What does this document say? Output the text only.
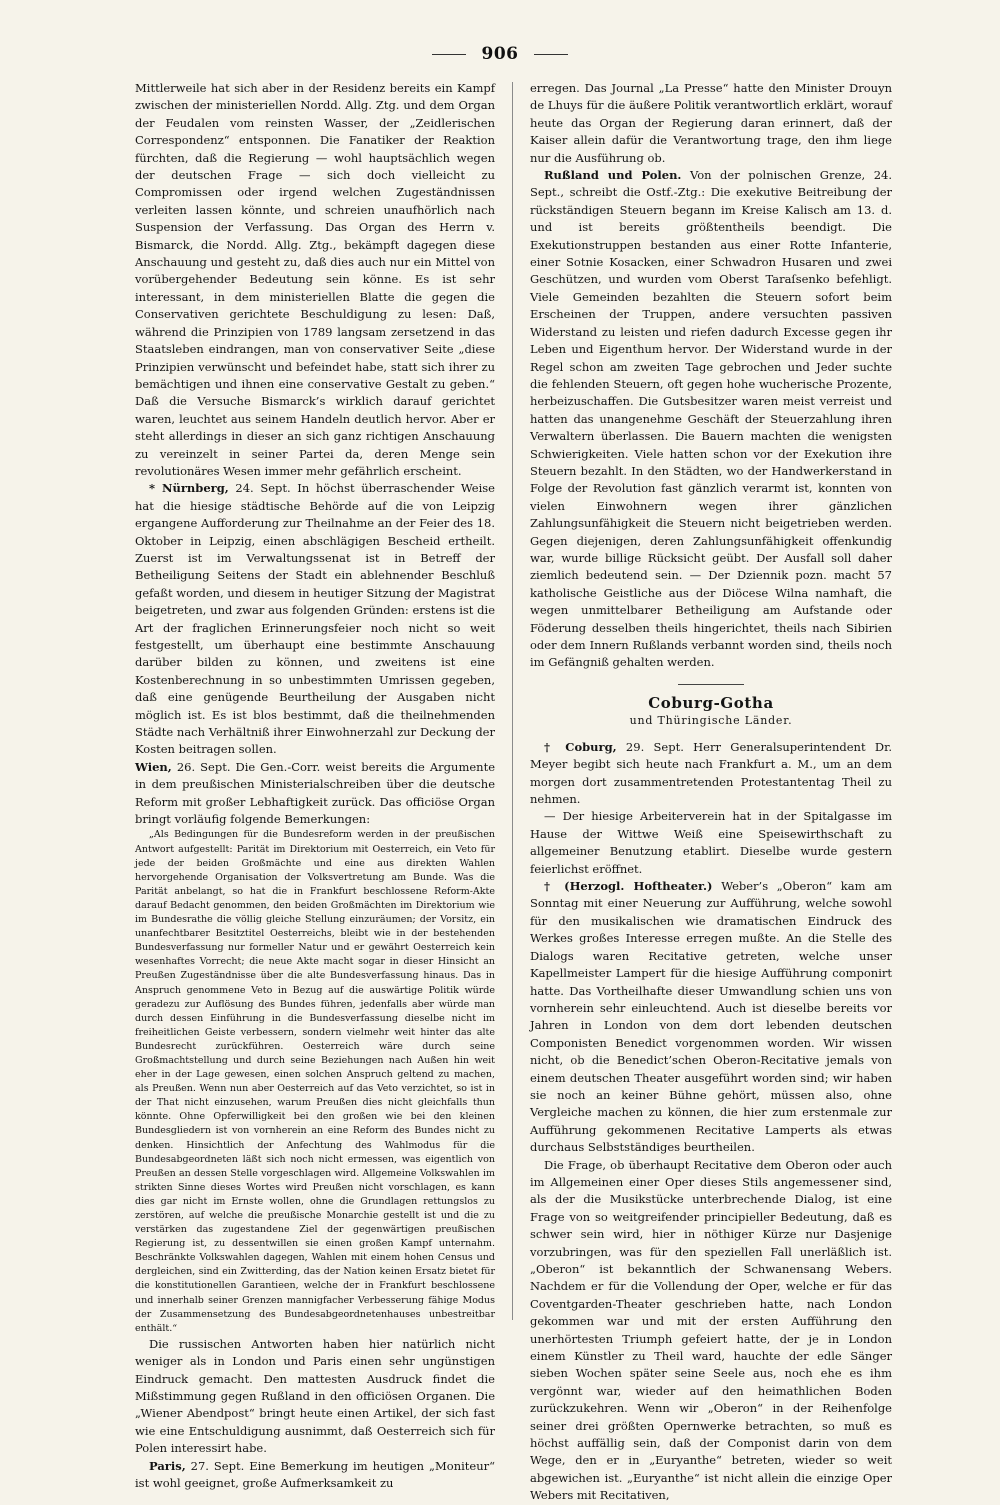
906

Mittlerweile hat sich aber in der Residenz bereits ein Kampf zwischen der ministeriellen Nordd. Allg. Ztg. und dem Organ der Feudalen vom reinsten Wasser, der „Zeidlerischen Correspondenz“ entsponnen. Die Fanatiker der Reaktion fürchten, daß die Regierung — wohl hauptsächlich wegen der deutschen Frage — sich doch vielleicht zu Compromissen oder irgend welchen Zugeständnissen verleiten lassen könnte, und schreien unaufhörlich nach Suspension der Verfassung. Das Organ des Herrn v. Bismarck, die Nordd. Allg. Ztg., bekämpft dagegen diese Anschauung und gesteht zu, daß dies auch nur ein Mittel von vorübergehender Bedeutung sein könne. Es ist sehr interessant, in dem ministeriellen Blatte die gegen die Conservativen gerichtete Beschuldigung zu lesen: Daß, während die Prinzipien von 1789 langsam zersetzend in das Staatsleben eindrangen, man von conservativer Seite „diese Prinzipien verwünscht und befeindet habe, statt sich ihrer zu bemächtigen und ihnen eine conservative Gestalt zu geben.“ Daß die Versuche Bismarck’s wirklich darauf gerichtet waren, leuchtet aus seinem Handeln deutlich hervor. Aber er steht allerdings in dieser an sich ganz richtigen Anschauung zu vereinzelt in seiner Partei da, deren Menge sein revolutionäres Wesen immer mehr gefährlich erscheint.

* Nürnberg, 24. Sept. In höchst überraschender Weise hat die hiesige städtische Behörde auf die von Leipzig ergangene Aufforderung zur Theilnahme an der Feier des 18. Oktober in Leipzig, einen abschlägigen Bescheid ertheilt. Zuerst ist im Verwaltungssenat ist in Betreff der Betheiligung Seitens der Stadt ein ablehnender Beschluß gefaßt worden, und diesem in heutiger Sitzung der Magistrat beigetreten, und zwar aus folgenden Gründen: erstens ist die Art der fraglichen Erinnerungsfeier noch nicht so weit festgestellt, um überhaupt eine bestimmte Anschauung darüber bilden zu können, und zweitens ist eine Kostenberechnung in so unbestimmten Umrissen gegeben, daß eine genügende Beurtheilung der Ausgaben nicht möglich ist. Es ist blos bestimmt, daß die theilnehmenden Städte nach Verhältniß ihrer Einwohnerzahl zur Deckung der Kosten beitragen sollen.

Wien, 26. Sept. Die Gen.-Corr. weist bereits die Argumente in dem preußischen Ministerialschreiben über die deutsche Reform mit großer Lebhaftigkeit zurück. Das officiöse Organ bringt vorläufig folgende Bemerkungen:

„Als Bedingungen für die Bundesreform werden in der preußischen Antwort aufgestellt: Parität im Direktorium mit Oesterreich, ein Veto für jede der beiden Großmächte und eine aus direkten Wahlen hervorgehende Organisation der Volksvertretung am Bunde. Was die Parität anbelangt, so hat die in Frankfurt beschlossene Reform-Akte darauf Bedacht genommen, den beiden Großmächten im Direktorium wie im Bundesrathe die völlig gleiche Stellung einzuräumen; der Vorsitz, ein unanfechtbarer Besitztitel Oesterreichs, bleibt wie in der bestehenden Bundesverfassung nur formeller Natur und er gewährt Oesterreich kein wesenhaftes Vorrecht; die neue Akte macht sogar in dieser Hinsicht an Preußen Zugeständnisse über die alte Bundesverfassung hinaus. Das in Anspruch genommene Veto in Bezug auf die auswärtige Politik würde geradezu zur Auflösung des Bundes führen, jedenfalls aber würde man durch dessen Einführung in die Bundesverfassung dieselbe nicht im freiheitlichen Geiste verbessern, sondern vielmehr weit hinter das alte Bundesrecht zurückführen. Oesterreich wäre durch seine Großmachtstellung und durch seine Beziehungen nach Außen hin weit eher in der Lage gewesen, einen solchen Anspruch geltend zu machen, als Preußen. Wenn nun aber Oesterreich auf das Veto verzichtet, so ist in der That nicht einzusehen, warum Preußen dies nicht gleichfalls thun könnte. Ohne Opferwilligkeit bei den großen wie bei den kleinen Bundesgliedern ist von vornherein an eine Reform des Bundes nicht zu denken. Hinsichtlich der Anfechtung des Wahlmodus für die Bundesabgeordneten läßt sich noch nicht ermessen, was eigentlich von Preußen an dessen Stelle vorgeschlagen wird. Allgemeine Volkswahlen im strikten Sinne dieses Wortes wird Preußen nicht vorschlagen, es kann dies gar nicht im Ernste wollen, ohne die Grundlagen rettungslos zu zerstören, auf welche die preußische Monarchie gestellt ist und die zu verstärken das zugestandene Ziel der gegenwärtigen preußischen Regierung ist, zu dessentwillen sie einen großen Kampf unternahm. Beschränkte Volkswahlen dagegen, Wahlen mit einem hohen Census und dergleichen, sind ein Zwitterding, das der Nation keinen Ersatz bietet für die konstitutionellen Garantieen, welche der in Frankfurt beschlossene und innerhalb seiner Grenzen mannigfacher Verbesserung fähige Modus der Zusammensetzung des Bundesabgeordnetenhauses unbestreitbar enthält.“

Die russischen Antworten haben hier natürlich nicht weniger als in London und Paris einen sehr ungünstigen Eindruck gemacht. Den mattesten Ausdruck findet die Mißstimmung gegen Rußland in den officiösen Organen. Die „Wiener Abendpost“ bringt heute einen Artikel, der sich fast wie eine Entschuldigung ausnimmt, daß Oesterreich sich für Polen interessirt habe.

Paris, 27. Sept. Eine Bemerkung im heutigen „Moniteur“ ist wohl geeignet, große Aufmerksamkeit zu

erregen. Das Journal „La Presse“ hatte den Minister Drouyn de Lhuys für die äußere Politik verantwortlich erklärt, worauf heute das Organ der Regierung daran erinnert, daß der Kaiser allein dafür die Verantwortung trage, den ihm liege nur die Ausführung ob.

Rußland und Polen. Von der polnischen Grenze, 24. Sept., schreibt die Ostf.-Ztg.: Die exekutive Beitreibung der rückständigen Steuern begann im Kreise Kalisch am 13. d. und ist bereits größtentheils beendigt. Die Exekutionstruppen bestanden aus einer Rotte Infanterie, einer Sotnie Kosacken, einer Schwadron Husaren und zwei Geschützen, und wurden vom Oberst Taraſsenko befehligt. Viele Gemeinden bezahlten die Steuern sofort beim Erscheinen der Truppen, andere versuchten passiven Widerstand zu leisten und riefen dadurch Excesse gegen ihr Leben und Eigenthum hervor. Der Widerstand wurde in der Regel schon am zweiten Tage gebrochen und Jeder suchte die fehlenden Steuern, oft gegen hohe wucherische Prozente, herbeizuschaffen. Die Gutsbesitzer waren meist verreist und hatten das unangenehme Geschäft der Steuerzahlung ihren Verwaltern überlassen. Die Bauern machten die wenigsten Schwierigkeiten. Viele hatten schon vor der Exekution ihre Steuern bezahlt. In den Städten, wo der Handwerkerstand in Folge der Revolution fast gänzlich verarmt ist, konnten von vielen Einwohnern wegen ihrer gänzlichen Zahlungsunfähigkeit die Steuern nicht beigetrieben werden. Gegen diejenigen, deren Zahlungsunfähigkeit offenkundig war, wurde billige Rücksicht geübt. Der Ausfall soll daher ziemlich bedeutend sein. — Der Dziennik pozn. macht 57 katholische Geistliche aus der Diöcese Wilna namhaft, die wegen unmittelbarer Betheiligung am Aufstande oder Föderung desselben theils hingerichtet, theils nach Sibirien oder dem Innern Rußlands verbannt worden sind, theils noch im Gefängniß gehalten werden.

Coburg-Gotha
und Thüringische Länder.

† Coburg, 29. Sept. Herr Generalsuperintendent Dr. Meyer begibt sich heute nach Frankfurt a. M., um an dem morgen dort zusammentretenden Protestantentag Theil zu nehmen.

— Der hiesige Arbeiterverein hat in der Spitalgasse im Hause der Wittwe Weiß eine Speisewirthschaft zu allgemeiner Benutzung etablirt. Dieselbe wurde gestern feierlichst eröffnet.

† (Herzogl. Hoftheater.) Weber’s „Oberon“ kam am Sonntag mit einer Neuerung zur Aufführung, welche sowohl für den musikalischen wie dramatischen Eindruck des Werkes großes Interesse erregen mußte. An die Stelle des Dialogs waren Recitative getreten, welche unser Kapellmeister Lampert für die hiesige Aufführung componirt hatte. Das Vortheilhafte dieser Umwandlung schien uns von vornherein sehr einleuchtend. Auch ist dieselbe bereits vor Jahren in London von dem dort lebenden deutschen Componisten Benedict vorgenommen worden. Wir wissen nicht, ob die Benedict’schen Oberon-Recitative jemals von einem deutschen Theater ausgeführt worden sind; wir haben sie noch an keiner Bühne gehört, müssen also, ohne Vergleiche machen zu können, die hier zum erstenmale zur Aufführung gekommenen Recitative Lamperts als etwas durchaus Selbstständiges beurtheilen.

Die Frage, ob überhaupt Recitative dem Oberon oder auch im Allgemeinen einer Oper dieses Stils angemessener sind, als der die Musikstücke unterbrechende Dialog, ist eine Frage von so weitgreifender principieller Bedeutung, daß es schwer sein wird, hier in nöthiger Kürze nur Dasjenige vorzubringen, was für den speziellen Fall unerläßlich ist. „Oberon“ ist bekanntlich der Schwanensang Webers. Nachdem er für die Vollendung der Oper, welche er für das Coventgarden-Theater geschrieben hatte, nach London gekommen war und mit der ersten Aufführung den unerhörtesten Triumph gefeiert hatte, der je in London einem Künstler zu Theil ward, hauchte der edle Sänger sieben Wochen später seine Seele aus, noch ehe es ihm vergönnt war, wieder auf den heimathlichen Boden zurückzukehren. Wenn wir „Oberon“ in der Reihenfolge seiner drei größten Opernwerke betrachten, so muß es höchst auffällig sein, daß der Componist darin von dem Wege, den er in „Euryanthe“ betreten, wieder so weit abgewichen ist. „Euryanthe“ ist nicht allein die einzige Oper Webers mit Recitativen,
